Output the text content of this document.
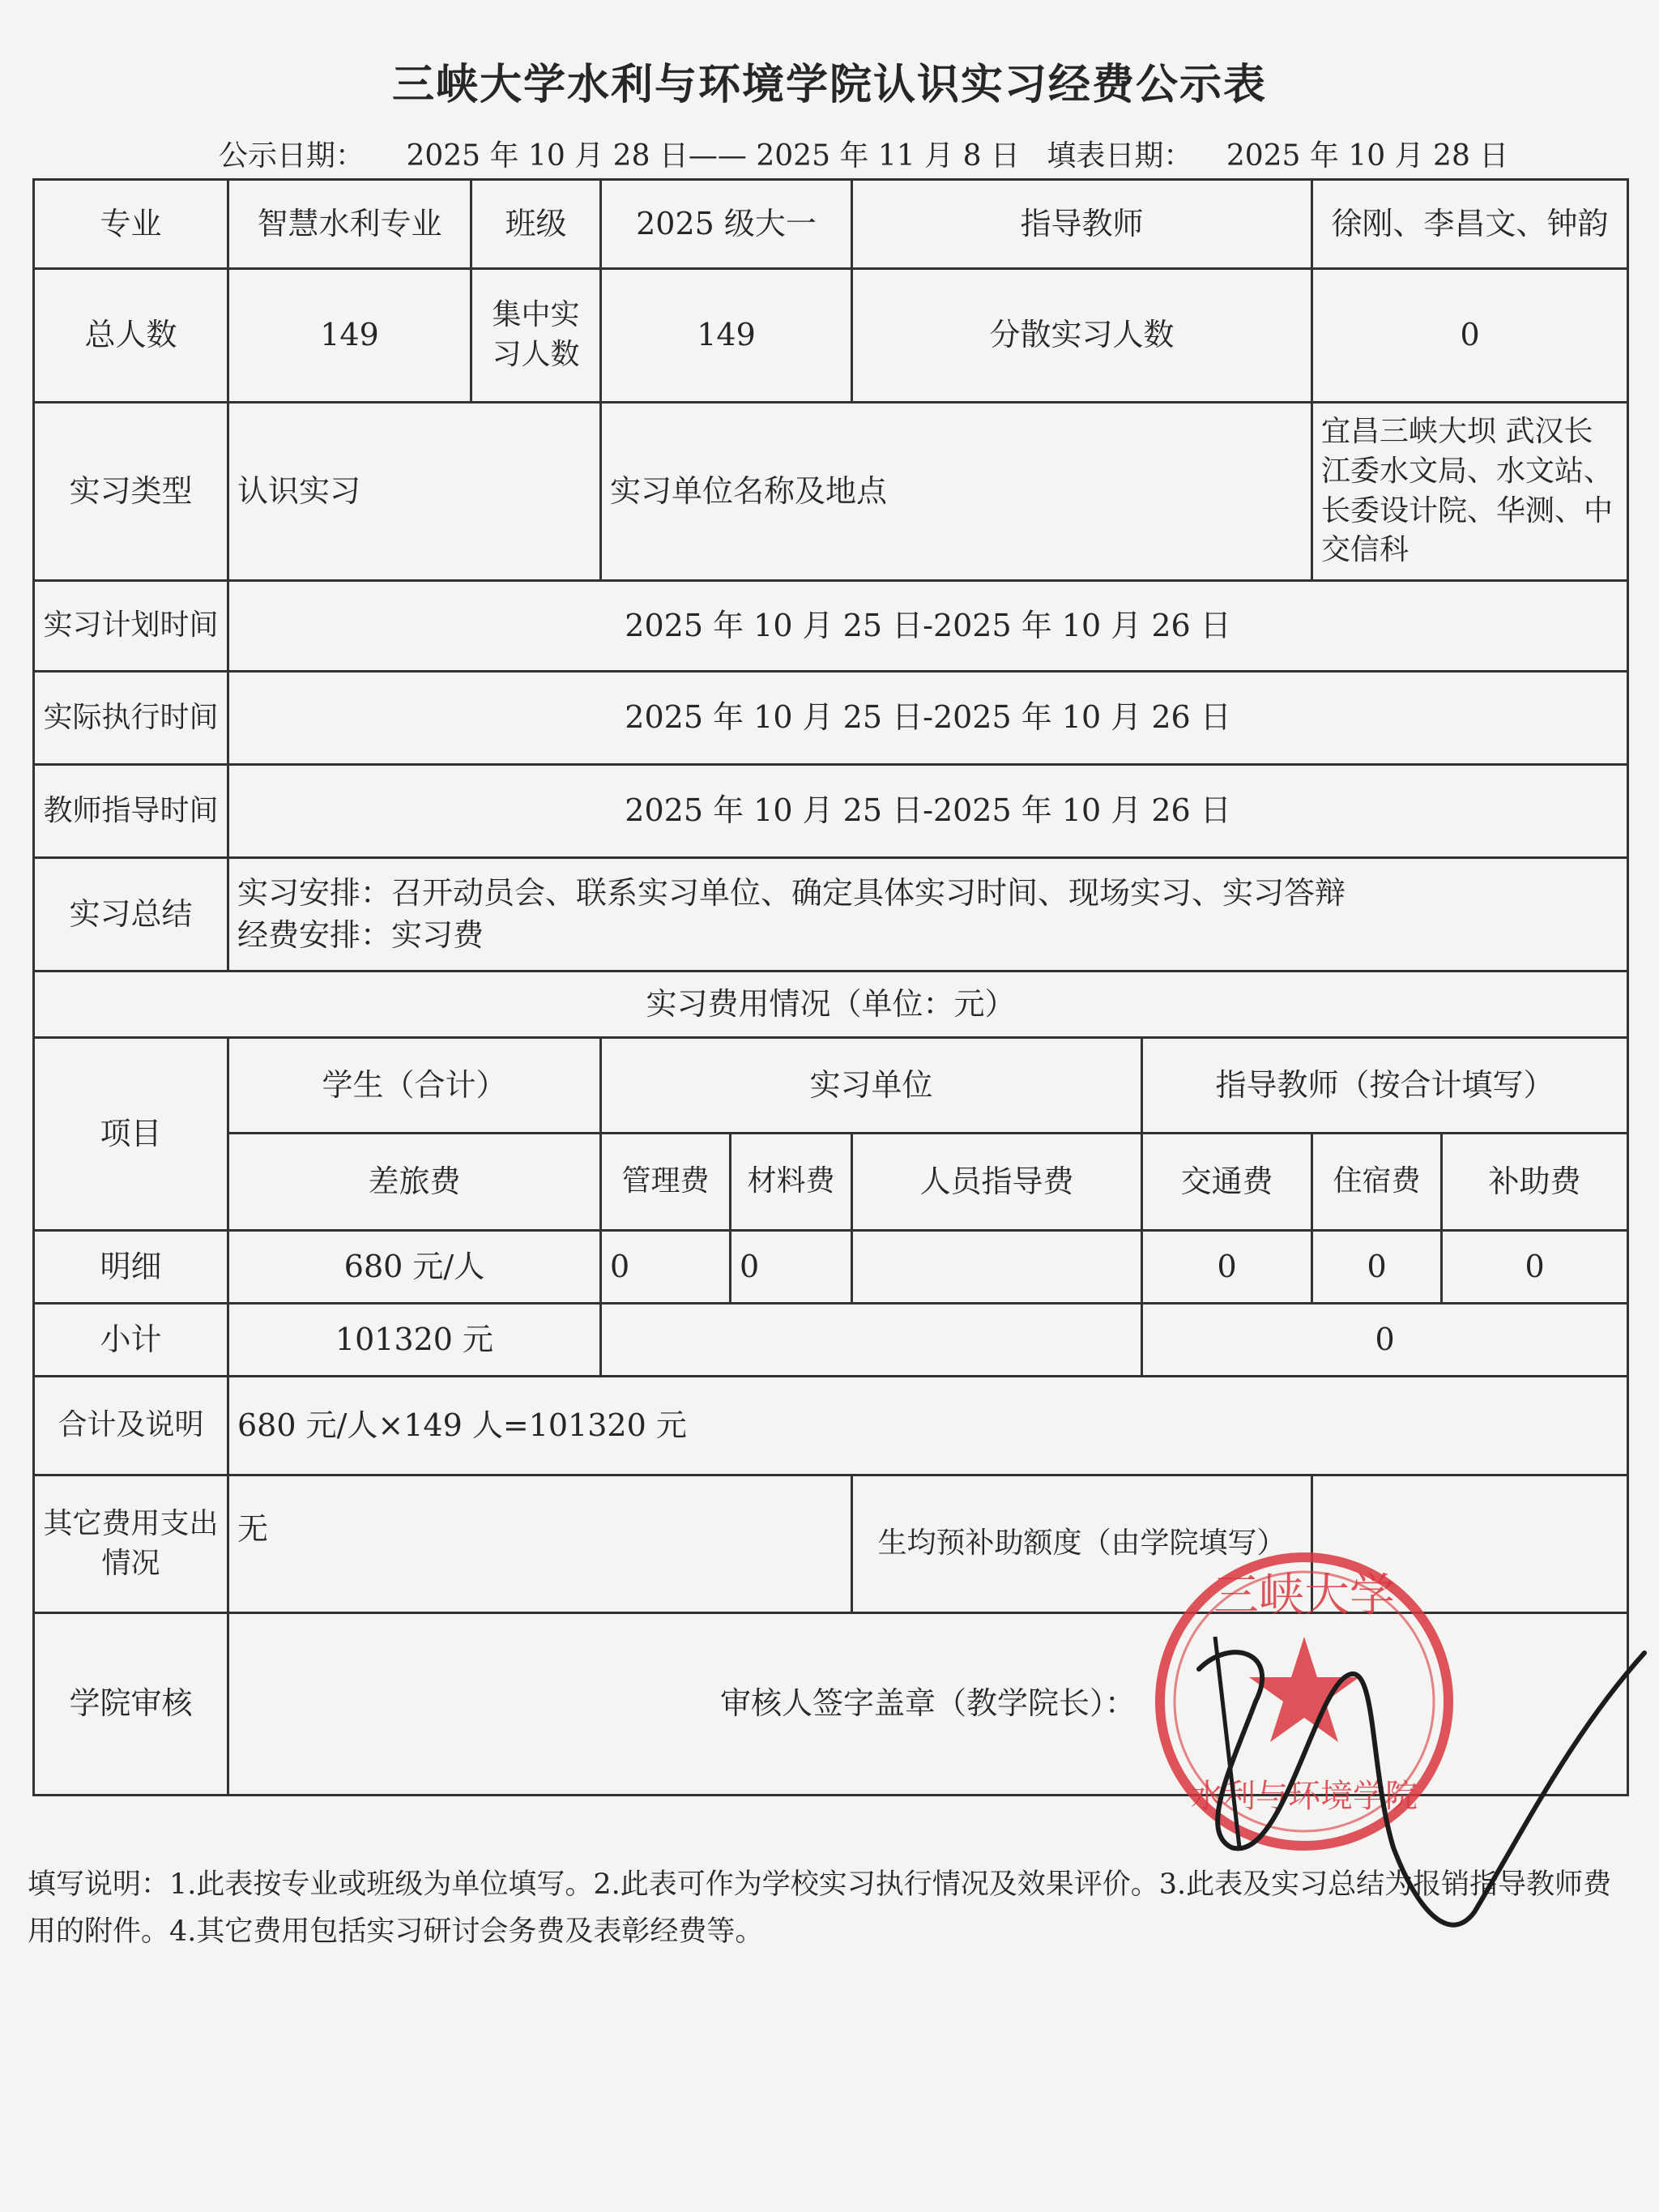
三峡大学水利与环境学院认识实习经费公示表
公示日期： 2025 年 10 月 28 日—— 2025 年 11 月 8 日 填表日期： 2025 年 10 月 28 日
专业	智慧水利专业	班级	2025 级大一		指导教师		徐刚、李昌文、钟韵	
总人数	149	集中实习人数	149		分散实习人数		0	
实习类型	认识实习		实习单位名称及地点				宜昌三峡大坝 武汉长江委水文局、水文站、长委设计院、华测、中交信科	
实习计划时间	2025 年 10 月 25 日-2025 年 10 月 26 日							
实际执行时间	2025 年 10 月 25 日-2025 年 10 月 26 日							
教师指导时间	2025 年 10 月 25 日-2025 年 10 月 26 日							
实习总结	实习安排：召开动员会、联系实习单位、确定具体实习时间、现场实习、实习答辩
经费安排：实习费							

实习费用情况（单位：元）								
项目	学生（合计）		实习单位			指导教师（按合计填写）		
	差旅费		管理费	材料费	人员指导费	交通费	住宿费	补助费
明细	680 元/人		0	0		0	0	0
小计	101320 元					0		
合计及说明	680 元/人×149 人=101320 元							
其它费用支出情况	无				生均预补助额度（由学院填写）			
学院审核	审核人签字盖章（教学院长）：							
填写说明：1.此表按专业或班级为单位填写。2.此表可作为学校实习执行情况及效果评价。3.此表及实习总结为报销指导教师费用的附件。4.其它费用包括实习研讨会务费及表彰经费等。
水利与环境学院
三峡大学
